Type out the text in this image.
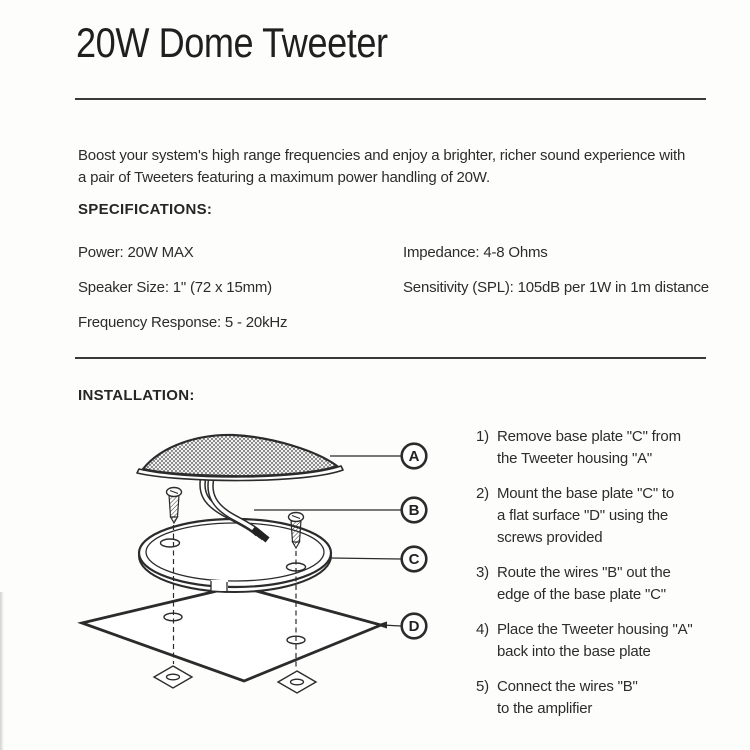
20W Dome Tweeter

Boost your system's high range frequencies and enjoy a brighter, richer sound experience with
a pair of Tweeters featuring a maximum power handling of 20W.

SPECIFICATIONS:
Power: 20W MAX
Speaker Size: 1" (72 x 15mm)
Frequency Response: 5 - 20kHz
Impedance: 4-8 Ohms
Sensitivity (SPL): 105dB per 1W in 1m distance
INSTALLATION:
A
B
C
D
1) Remove base plate "C" from
the Tweeter housing "A"
2) Mount the base plate "C" to
a flat surface "D" using the
screws provided
3) Route the wires "B" out the
edge of the base plate "C"
4) Place the Tweeter housing "A"
back into the base plate
5) Connect the wires "B"
to the amplifier
